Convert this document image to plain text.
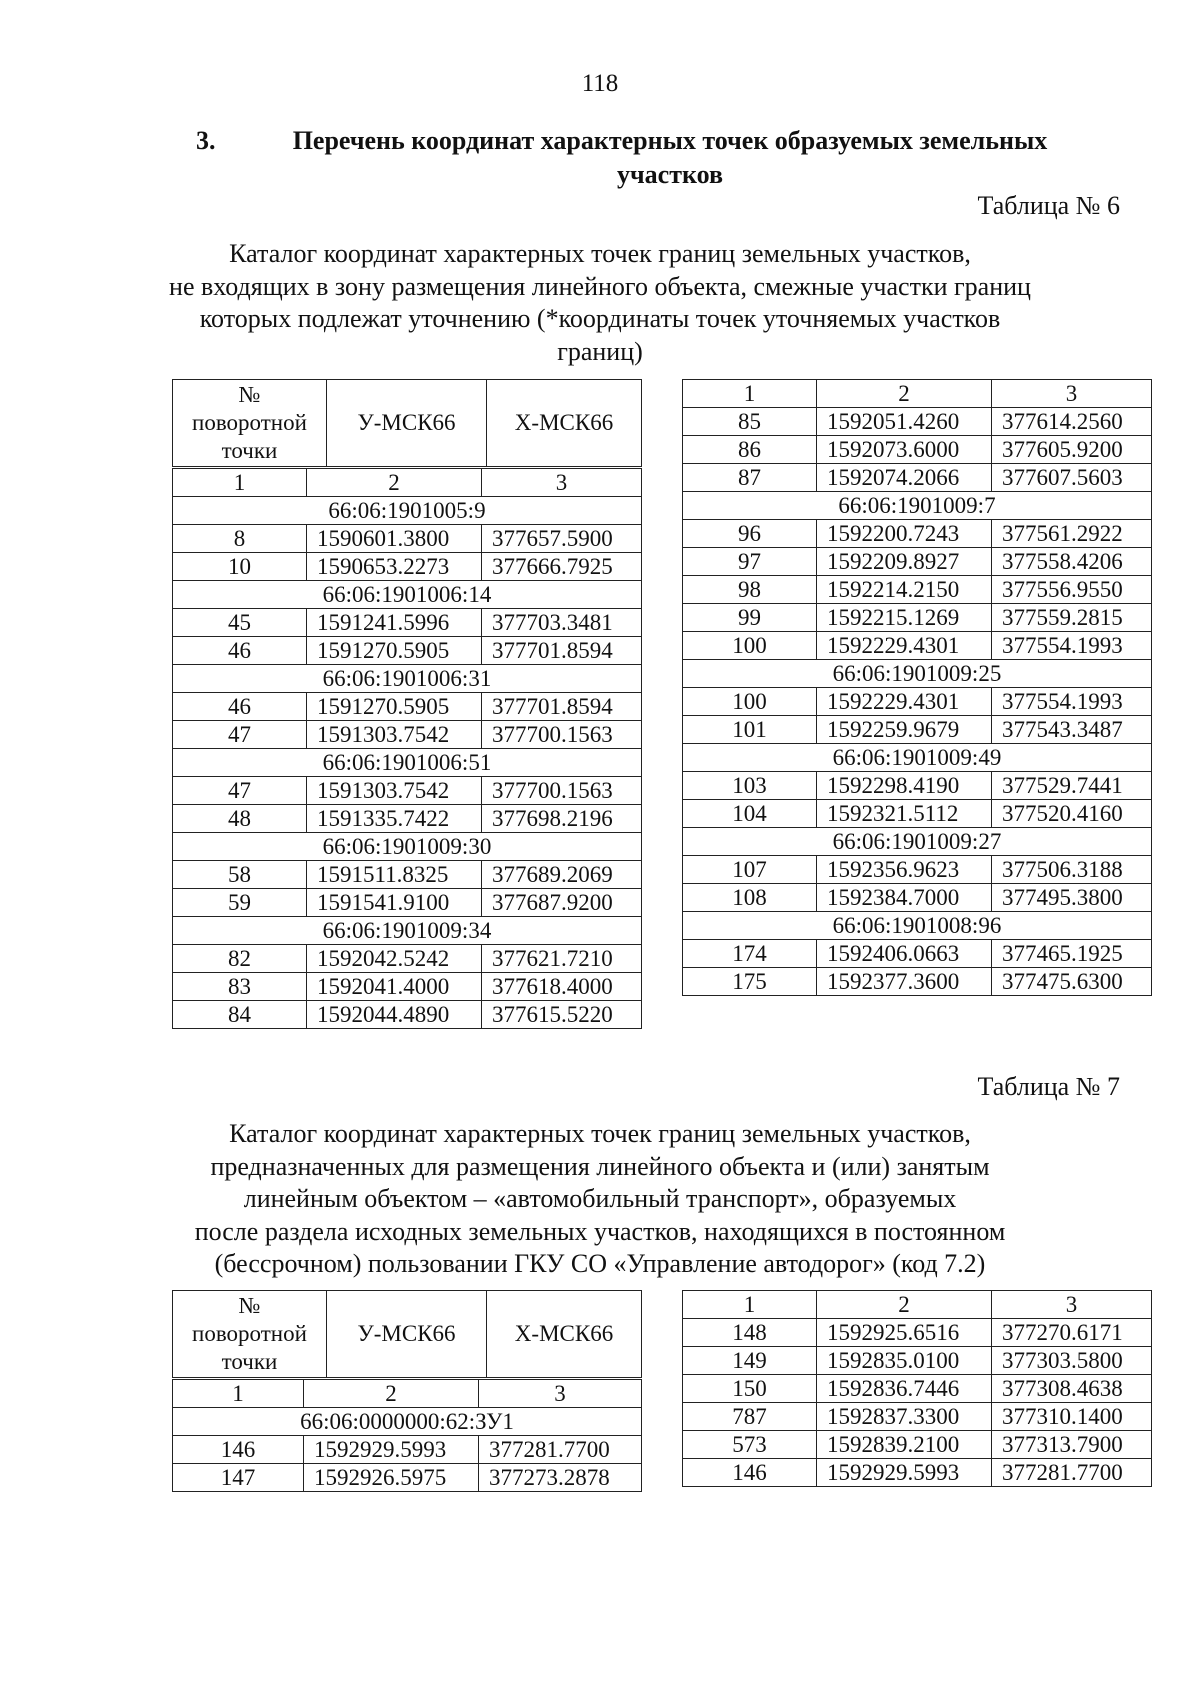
118
3.	Перечень координат характерных точек образуемых земельных
участков
Таблица № 6
Каталог координат характерных точек границ земельных участков,
не входящих в зону размещения линейного объекта, смежные участки границ
которых подлежат уточнению (*координаты точек уточняемых участков
границ)
№
поворотной
точки
	У-МСК66	Х-МСК66
1	2	3
66:06:1901005:9		
8	1590601.3800	377657.5900
10	1590653.2273	377666.7925
66:06:1901006:14		
45	1591241.5996	377703.3481
46	1591270.5905	377701.8594
66:06:1901006:31		
46	1591270.5905	377701.8594
47	1591303.7542	377700.1563
66:06:1901006:51		
47	1591303.7542	377700.1563
48	1591335.7422	377698.2196
66:06:1901009:30		
58	1591511.8325	377689.2069
59	1591541.9100	377687.9200
66:06:1901009:34		
82	1592042.5242	377621.7210
83	1592041.4000	377618.4000
84	1592044.4890	377615.5220
1	2	3
85	1592051.4260	377614.2560
86	1592073.6000	377605.9200
87	1592074.2066	377607.5603
66:06:1901009:7		
96	1592200.7243	377561.2922
97	1592209.8927	377558.4206
98	1592214.2150	377556.9550
99	1592215.1269	377559.2815
100	1592229.4301	377554.1993
66:06:1901009:25		
100	1592229.4301	377554.1993
101	1592259.9679	377543.3487
66:06:1901009:49		
103	1592298.4190	377529.7441
104	1592321.5112	377520.4160
66:06:1901009:27		
107	1592356.9623	377506.3188
108	1592384.7000	377495.3800
66:06:1901008:96		
174	1592406.0663	377465.1925
175	1592377.3600	377475.6300
Таблица № 7
Каталог координат характерных точек границ земельных участков,
предназначенных для размещения линейного объекта и (или) занятым
линейным объектом – «автомобильный транспорт», образуемых
после раздела исходных земельных участков, находящихся в постоянном
(бессрочном) пользовании ГКУ СО «Управление автодорог» (код 7.2)
№
поворотной
точки
	У-МСК66	Х-МСК66
1	2	3
66:06:0000000:62:ЗУ1		
146	1592929.5993	377281.7700
147	1592926.5975	377273.2878
1	2	3
148	1592925.6516	377270.6171
149	1592835.0100	377303.5800
150	1592836.7446	377308.4638
787	1592837.3300	377310.1400
573	1592839.2100	377313.7900
146	1592929.5993	377281.7700
